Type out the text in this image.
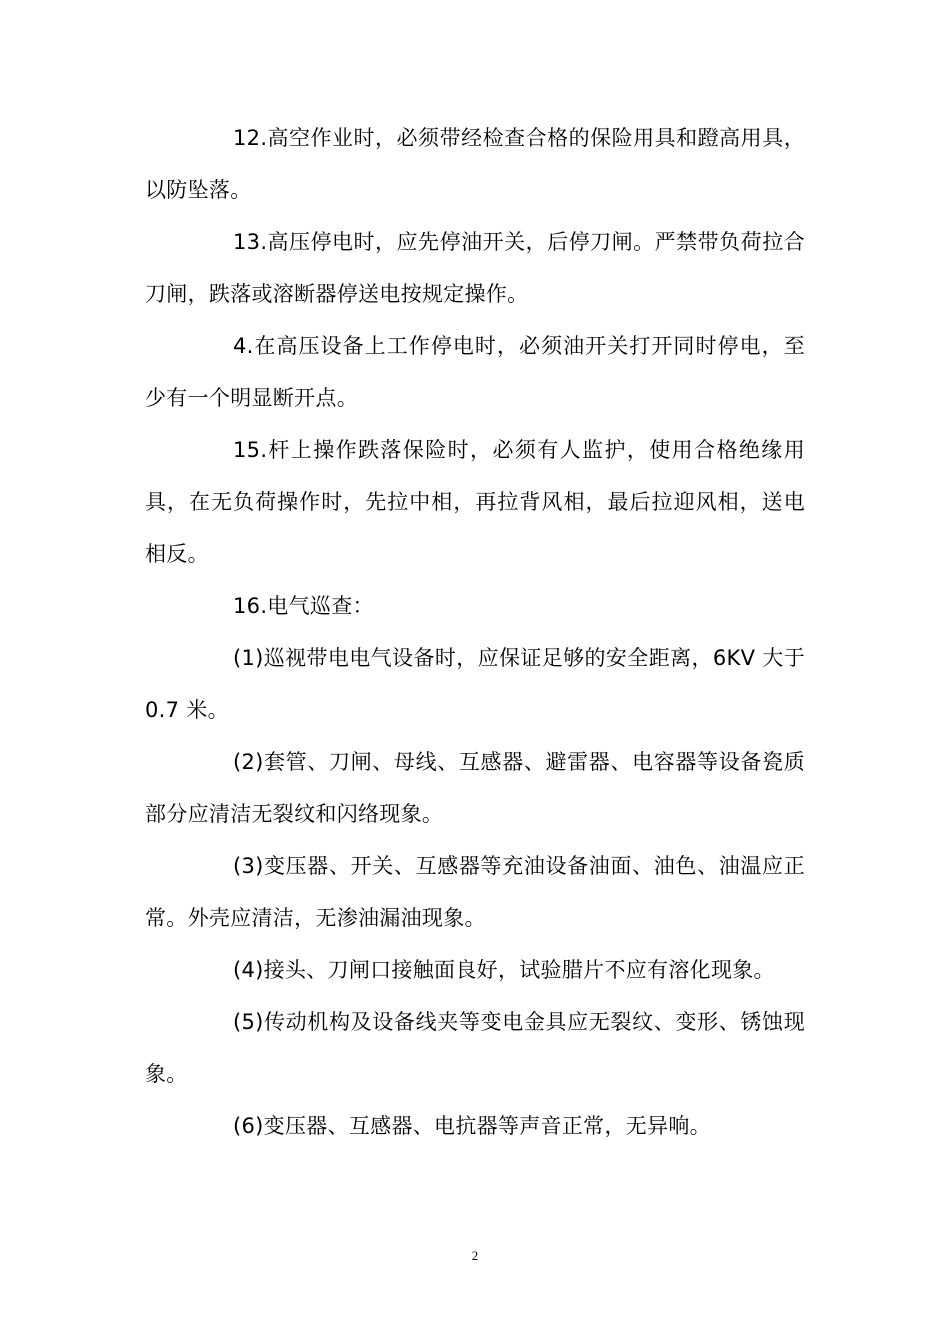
12.高空作业时，必须带经检查合格的保险用具和蹬高用具，以防坠落。

13.高压停电时，应先停油开关，后停刀闸。严禁带负荷拉合刀闸，跌落或溶断器停送电按规定操作。

4.在高压设备上工作停电时，必须油开关打开同时停电，至少有一个明显断开点。

15.杆上操作跌落保险时，必须有人监护，使用合格绝缘用具，在无负荷操作时，先拉中相，再拉背风相，最后拉迎风相，送电相反。

16.电气巡查：

(1)巡视带电电气设备时，应保证足够的安全距离，6KV 大于 0.7 米。

(2)套管、刀闸、母线、互感器、避雷器、电容器等设备瓷质部分应清洁无裂纹和闪络现象。

(3)变压器、开关、互感器等充油设备油面、油色、油温应正常。外壳应清洁，无渗油漏油现象。

(4)接头、刀闸口接触面良好，试验腊片不应有溶化现象。

(5)传动机构及设备线夹等变电金具应无裂纹、变形、锈蚀现象。

(6)变压器、互感器、电抗器等声音正常，无异响。

2
